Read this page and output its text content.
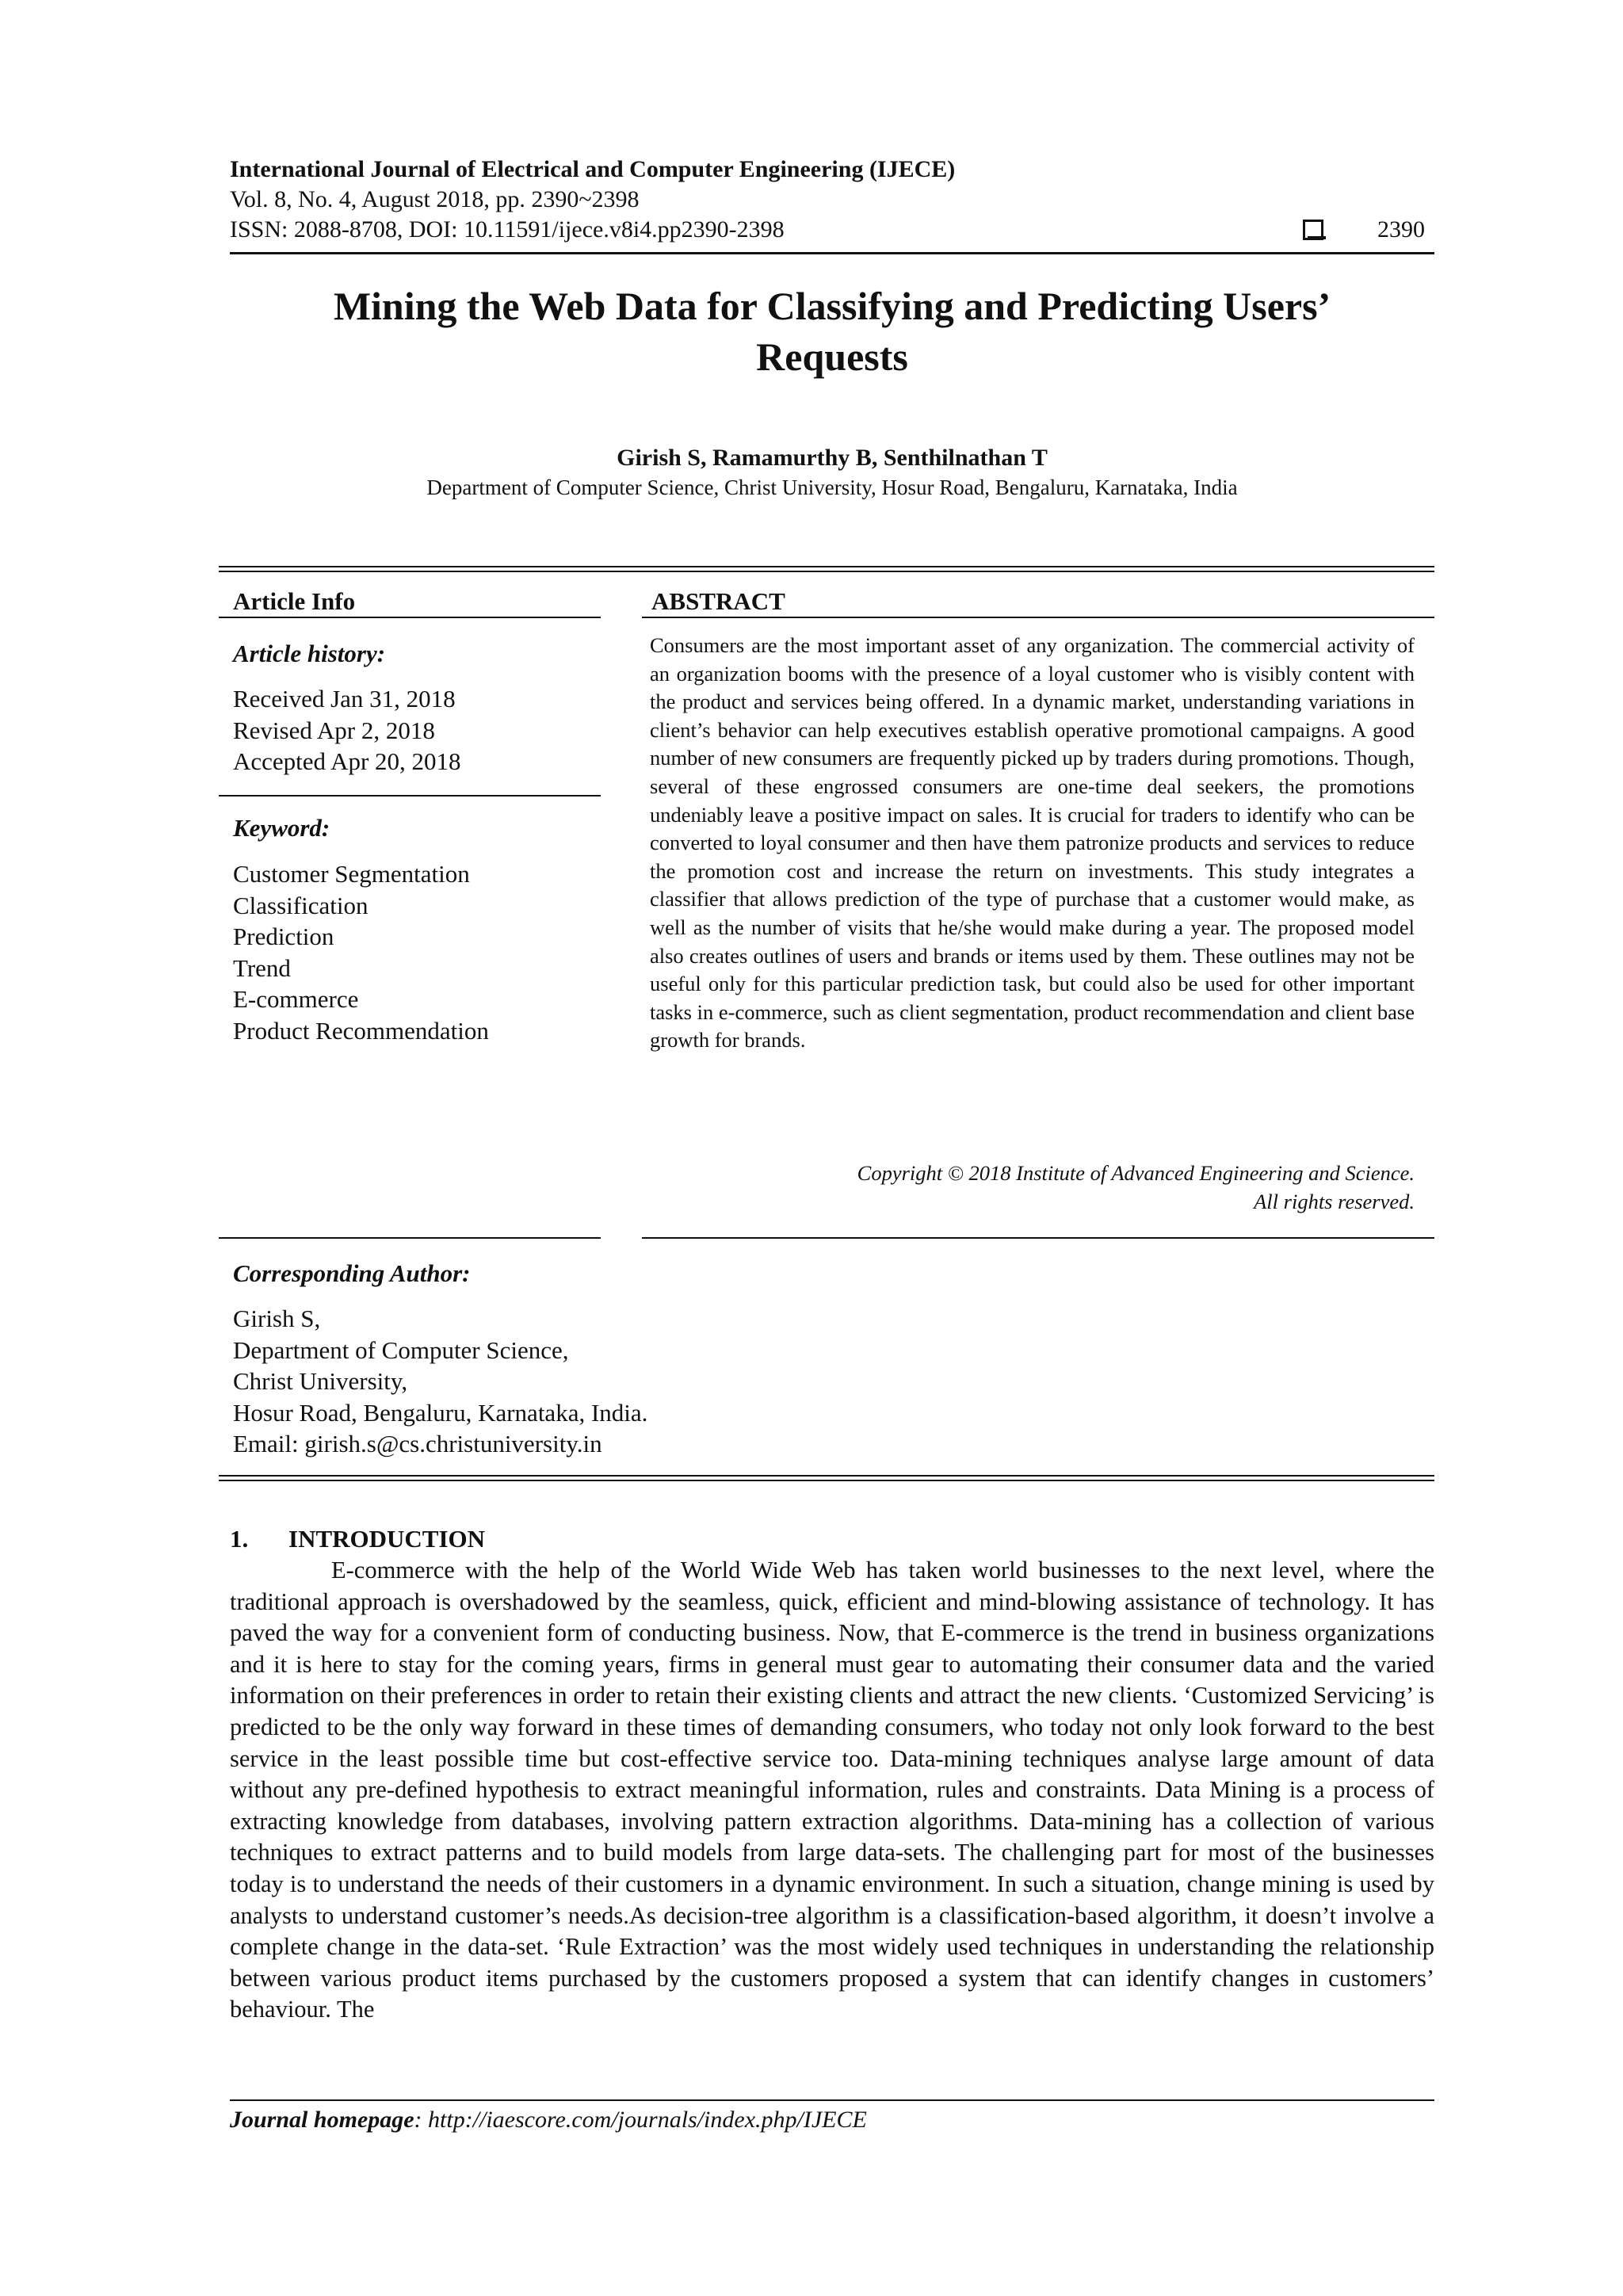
International Journal of Electrical and Computer Engineering (IJECE)
Vol. 8, No. 4, August 2018, pp. 2390~2398
ISSN: 2088-8708, DOI: 10.11591/ijece.v8i4.pp2390-2398	2390
Mining the Web Data for Classifying and Predicting Users’
Requests
Girish S, Ramamurthy B, Senthilnathan T
Department of Computer Science, Christ University, Hosur Road, Bengaluru, Karnataka, India
Article Info
Article history:
Received Jan 31, 2018
Revised Apr 2, 2018
Accepted Apr 20, 2018
Keyword:
Customer Segmentation
Classification
Prediction
Trend
E-commerce
Product Recommendation
ABSTRACT
Consumers are the most important asset of any organization. The commercial activity of an organization booms with the presence of a loyal customer who is visibly content with the product and services being offered. In a dynamic market, understanding variations in client’s behavior can help executives establish operative promotional campaigns. A good number of new consumers are frequently picked up by traders during promotions. Though, several of these engrossed consumers are one-time deal seekers, the promotions undeniably leave a positive impact on sales. It is crucial for traders to identify who can be converted to loyal consumer and then have them patronize products and services to reduce the promotion cost and increase the return on investments. This study integrates a classifier that allows prediction of the type of purchase that a customer would make, as well as the number of visits that he/she would make during a year. The proposed model also creates outlines of users and brands or items used by them. These outlines may not be useful only for this particular prediction task, but could also be used for other important tasks in e-commerce, such as client segmentation, product recommendation and client base growth for brands.
Copyright © 2018 Institute of Advanced Engineering and Science.
All rights reserved.
Corresponding Author:
Girish S,
Department of Computer Science,
Christ University,
Hosur Road, Bengaluru, Karnataka, India.
Email: girish.s@cs.christuniversity.in
1. INTRODUCTION
E-commerce with the help of the World Wide Web has taken world businesses to the next level, where the traditional approach is overshadowed by the seamless, quick, efficient and mind-blowing assistance of technology. It has paved the way for a convenient form of conducting business. Now, that E-commerce is the trend in business organizations and it is here to stay for the coming years, firms in general must gear to automating their consumer data and the varied information on their preferences in order to retain their existing clients and attract the new clients. ‘Customized Servicing’ is predicted to be the only way forward in these times of demanding consumers, who today not only look forward to the best service in the least possible time but cost-effective service too. Data-mining techniques analyse large amount of data without any pre-defined hypothesis to extract meaningful information, rules and constraints. Data Mining is a process of extracting knowledge from databases, involving pattern extraction algorithms. Data-mining has a collection of various techniques to extract patterns and to build models from large data-sets. The challenging part for most of the businesses today is to understand the needs of their customers in a dynamic environment. In such a situation, change mining is used by analysts to understand customer’s needs.As decision-tree algorithm is a classification-based algorithm, it doesn’t involve a complete change in the data-set. ‘Rule Extraction’ was the most widely used techniques in understanding the relationship between various product items purchased by the customers proposed a system that can identify changes in customers’ behaviour. The
Journal homepage: http://iaescore.com/journals/index.php/IJECE
